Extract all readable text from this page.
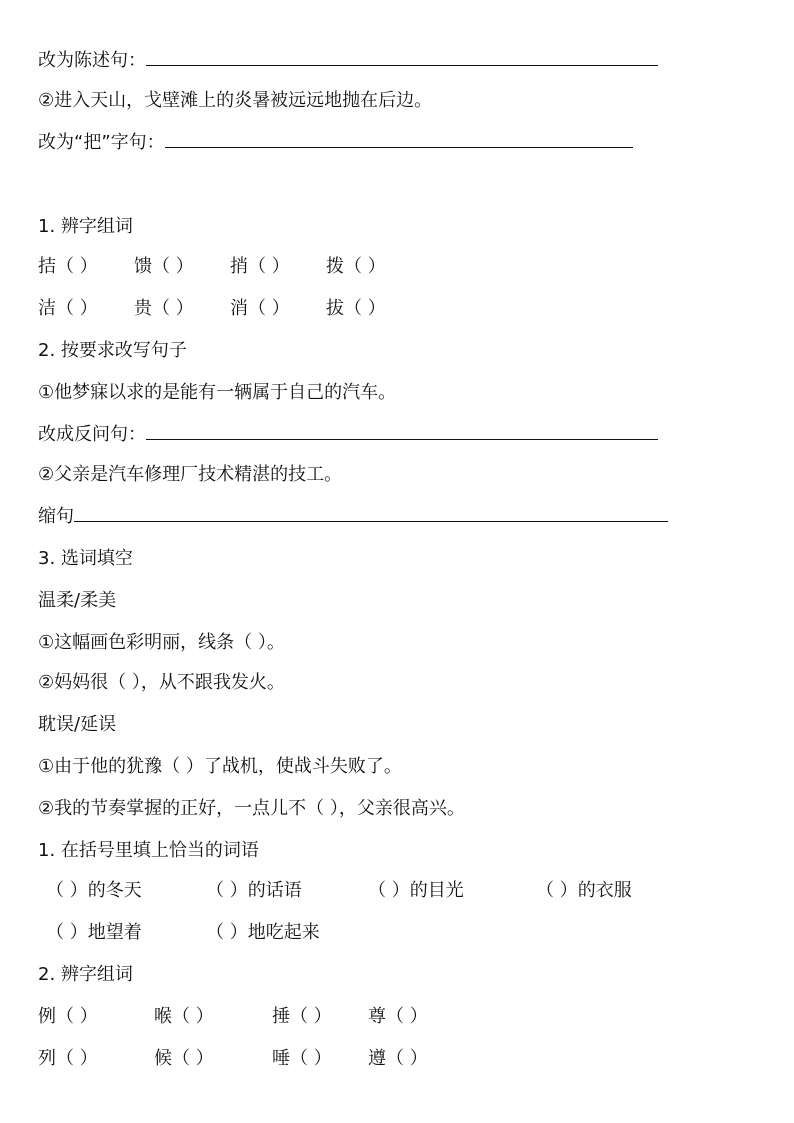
改为陈述句：
②进入天山，戈壁滩上的炎暑被远远地抛在后边。
改为“把”字句：
1. 辨字组词
拮（ ） 馈（ ） 捎（ ） 拨（ ）
洁（ ） 贵（ ） 消（ ） 拔（ ）
2. 按要求改写句子
①他梦寐以求的是能有一辆属于自己的汽车。
改成反问句：
②父亲是汽车修理厂技术精湛的技工。
缩句
3. 选词填空
温柔/柔美
①这幅画色彩明丽，线条（ ）。
②妈妈很（ ），从不跟我发火。
耽误/延误
①由于他的犹豫（ ）了战机，使战斗失败了。
②我的节奏掌握的正好，一点儿不（ ），父亲很高兴。
1. 在括号里填上恰当的词语
（ ）的冬天	（ ）的话语	（ ）的目光	（ ）的衣服
（ ）地望着	（ ）地吃起来
2. 辨字组词
例（ ）	喉（ ）	捶（ ） 尊（ ）
列（ ）	候（ ）	唾（ ） 遵（ ）
